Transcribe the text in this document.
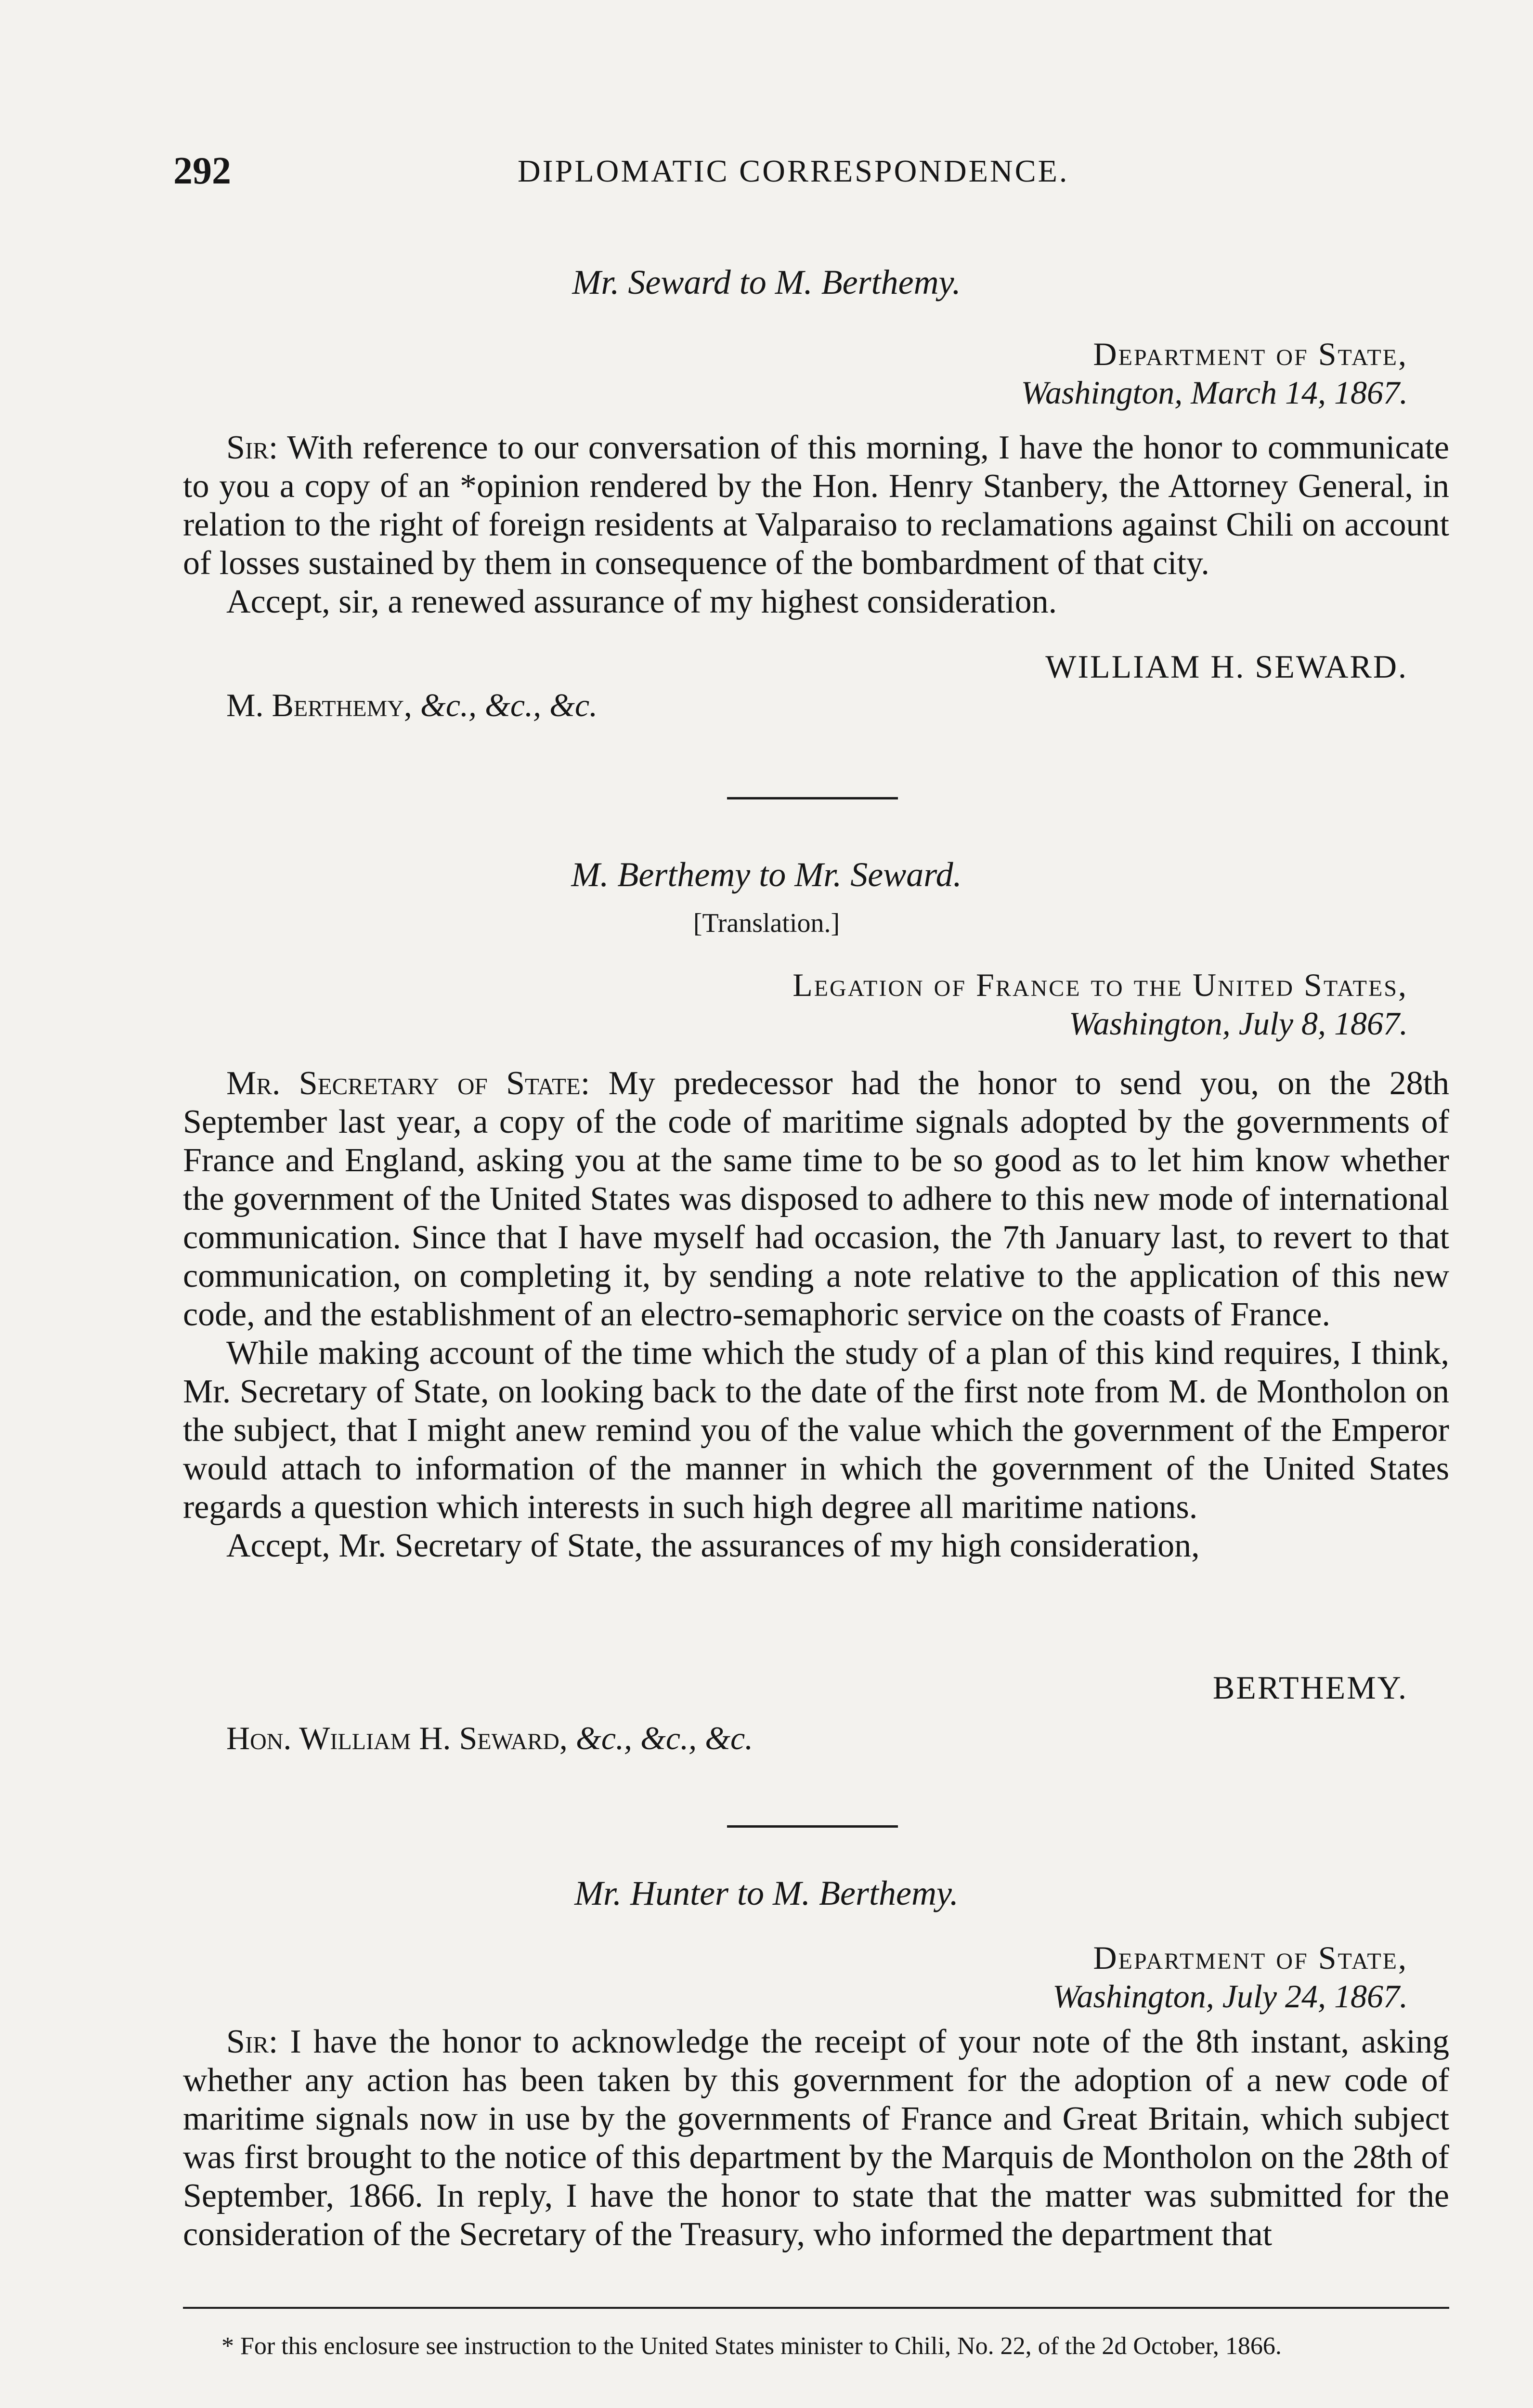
292	DIPLOMATIC CORRESPONDENCE.
Mr. Seward to M. Berthemy.
Department of State,
Washington, March 14, 1867.

Sir: With reference to our conversation of this morning, I have the honor to communicate to you a copy of an *opinion rendered by the Hon. Henry Stanbery, the Attorney General, in relation to the right of foreign residents at Valparaiso to reclamations against Chili on account of losses sustained by them in consequence of the bombardment of that city.

Accept, sir, a renewed assurance of my highest consideration.

WILLIAM H. SEWARD.
M. Berthemy, &c., &c., &c.
M. Berthemy to Mr. Seward.
[Translation.]
Legation of France to the United States,
Washington, July 8, 1867.

Mr. Secretary of State: My predecessor had the honor to send you, on the 28th September last year, a copy of the code of maritime signals adopted by the governments of France and England, asking you at the same time to be so good as to let him know whether the government of the United States was disposed to adhere to this new mode of international communication. Since that I have myself had occasion, the 7th January last, to revert to that communication, on completing it, by sending a note relative to the application of this new code, and the establishment of an electro-semaphoric service on the coasts of France.

While making account of the time which the study of a plan of this kind requires, I think, Mr. Secretary of State, on looking back to the date of the first note from M. de Montholon on the subject, that I might anew remind you of the value which the government of the Emperor would attach to information of the manner in which the government of the United States regards a question which interests in such high degree all maritime nations.

Accept, Mr. Secretary of State, the assurances of my high consideration,

BERTHEMY.
Hon. William H. Seward, &c., &c., &c.
Mr. Hunter to M. Berthemy.
Department of State,
Washington, July 24, 1867.

Sir: I have the honor to acknowledge the receipt of your note of the 8th instant, asking whether any action has been taken by this government for the adoption of a new code of maritime signals now in use by the governments of France and Great Britain, which subject was first brought to the notice of this department by the Marquis de Montholon on the 28th of September, 1866. In reply, I have the honor to state that the matter was submitted for the consideration of the Secretary of the Treasury, who informed the department that

* For this enclosure see instruction to the United States minister to Chili, No. 22, of the 2d October, 1866.
